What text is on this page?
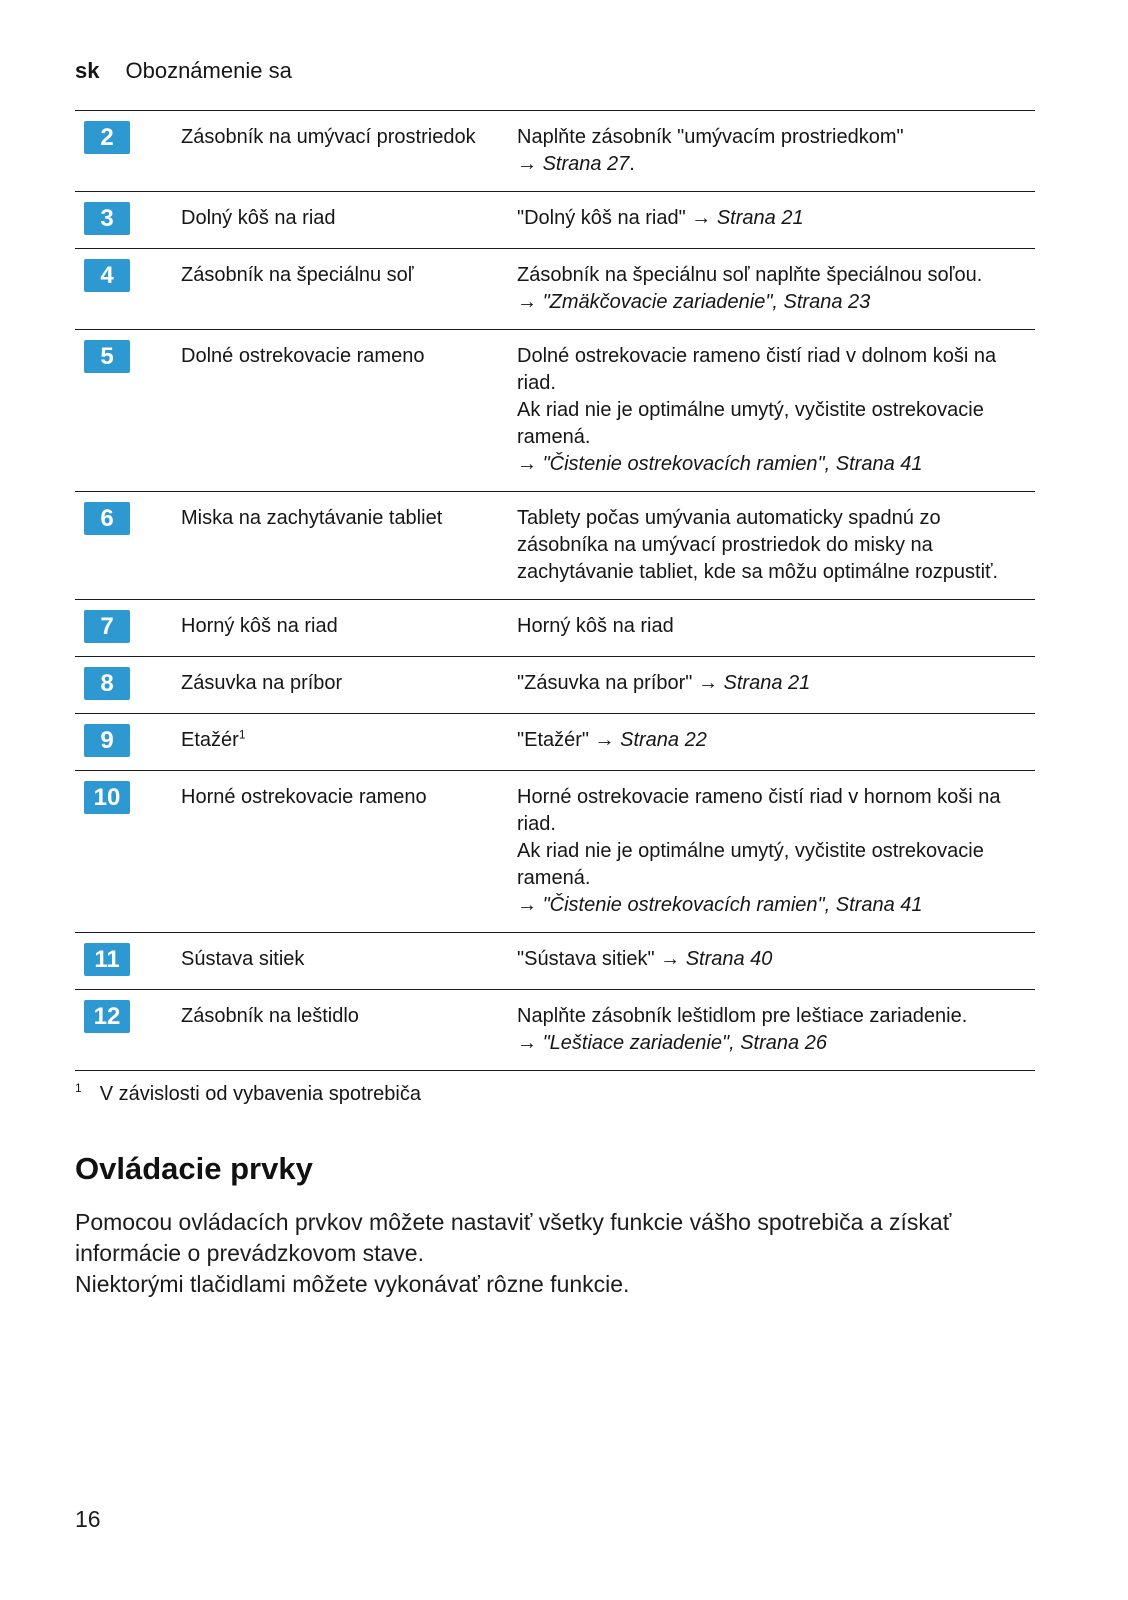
sk Oboznámenie sa
2	Zásobník na umývací prostriedok	Naplňte zásobník "umývacím prostriedkom"
→ Strana 27.
3	Dolný kôš na riad	"Dolný kôš na riad" → Strana 21
4	Zásobník na špeciálnu soľ	Zásobník na špeciálnu soľ naplňte špeciálnou soľou.
→ "Zmäkčovacie zariadenie", Strana 23
5	Dolné ostrekovacie rameno	Dolné ostrekovacie rameno čistí riad v dolnom koši na riad.
Ak riad nie je optimálne umytý, vyčistite ostrekovacie ramená.
→ "Čistenie ostrekovacích ramien", Strana 41
6	Miska na zachytávanie tabliet	Tablety počas umývania automaticky spadnú zo zásobníka na umývací prostriedok do misky na zachytávanie tabliet, kde sa môžu optimálne rozpustiť.
7	Horný kôš na riad	Horný kôš na riad
8	Zásuvka na príbor	"Zásuvka na príbor" → Strana 21
9	Etažér$^1$	"Etažér" → Strana 22
10	Horné ostrekovacie rameno	Horné ostrekovacie rameno čistí riad v hornom koši na riad.
Ak riad nie je optimálne umytý, vyčistite ostrekovacie ramená.
→ "Čistenie ostrekovacích ramien", Strana 41
11	Sústava sitiek	"Sústava sitiek" → Strana 40
12	Zásobník na leštidlo	Naplňte zásobník leštidlom pre leštiace zariadenie.
→ "Leštiace zariadenie", Strana 26
$^1$ V závislosti od vybavenia spotrebiča
Ovládacie prvky

Pomocou ovládacích prvkov môžete nastaviť všetky funkcie vášho spotrebiča a získať informácie o prevádzkovom stave.

Niektorými tlačidlami môžete vykonávať rôzne funkcie.

16
